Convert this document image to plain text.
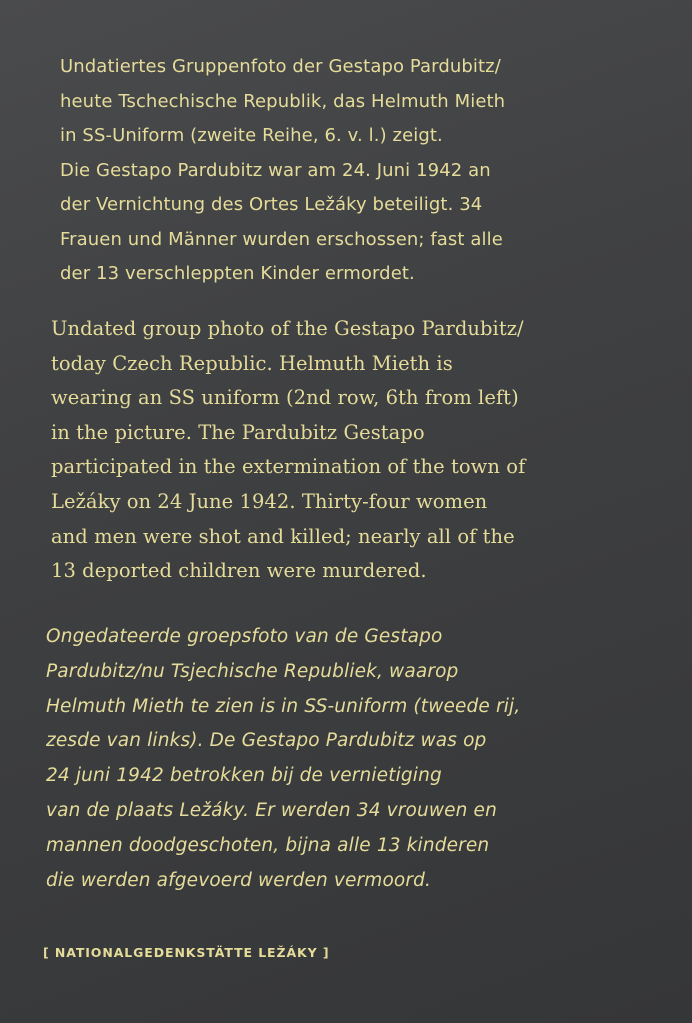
Undatiertes Gruppenfoto der Gestapo Pardubitz/
heute Tschechische Republik, das Helmuth Mieth
in SS-Uniform (zweite Reihe, 6. v. l.) zeigt.
Die Gestapo Pardubitz war am 24. Juni 1942 an
der Vernichtung des Ortes Ležáky beteiligt. 34
Frauen und Männer wurden erschossen; fast alle
der 13 verschleppten Kinder ermordet.

Undated group photo of the Gestapo Pardubitz/
today Czech Republic. Helmuth Mieth is
wearing an SS uniform (2nd row, 6th from left)
in the picture. The Pardubitz Gestapo
participated in the extermination of the town of
Ležáky on 24 June 1942. Thirty-four women
and men were shot and killed; nearly all of the
13 deported children were murdered.

Ongedateerde groepsfoto van de Gestapo
Pardubitz/nu Tsjechische Republiek, waarop
Helmuth Mieth te zien is in SS-uniform (tweede rij,
zesde van links). De Gestapo Pardubitz was op
24 juni 1942 betrokken bij de vernietiging
van de plaats Ležáky. Er werden 34 vrouwen en
mannen doodgeschoten, bijna alle 13 kinderen
die werden afgevoerd werden vermoord.

[ NATIONALGEDENKSTÄTTE LEŽÁKY ]
